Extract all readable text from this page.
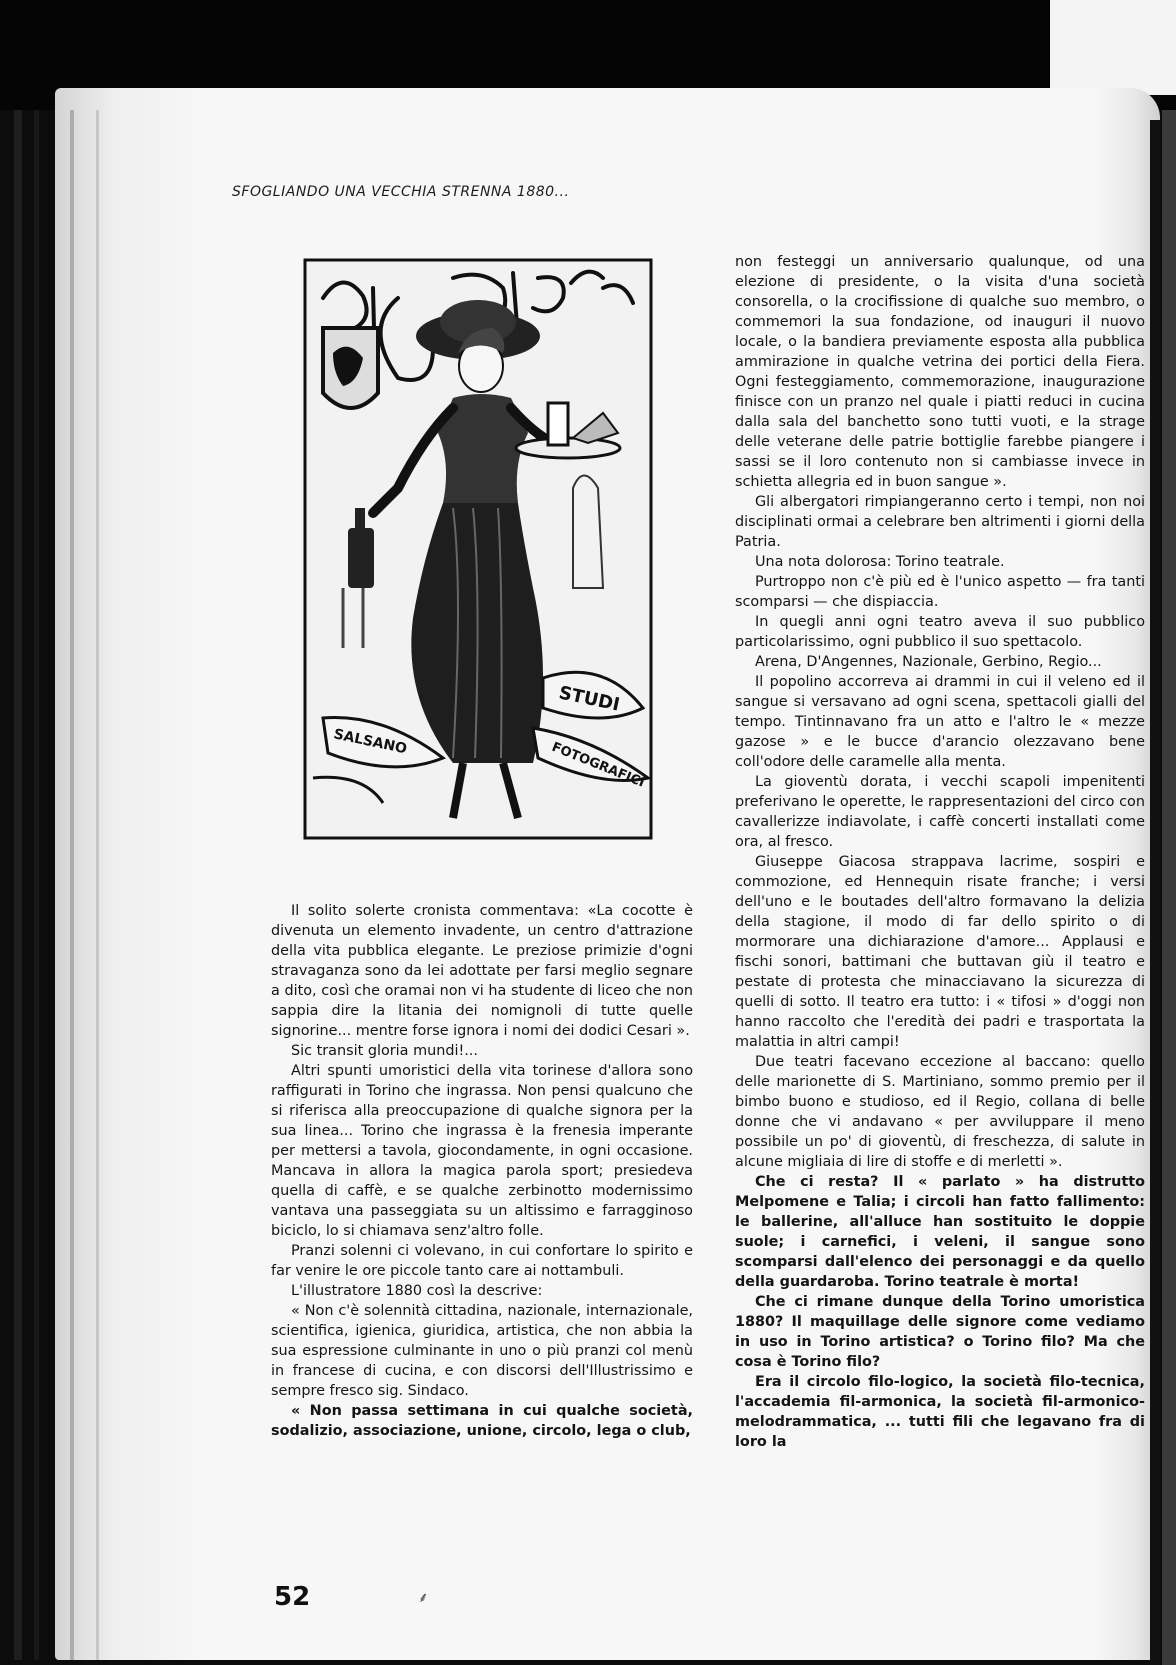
SFOGLIANDO UNA VECCHIA STRENNA 1880...
STUDI
FOTOGRAFICI
SALSANO

Il solito solerte cronista commentava: «La cocotte è divenuta un elemento invadente, un centro d'attrazione della vita pubblica elegante. Le preziose primizie d'ogni stravaganza sono da lei adottate per farsi meglio segnare a dito, così che oramai non vi ha studente di liceo che non sappia dire la litania dei nomignoli di tutte quelle signorine... mentre forse ignora i nomi dei dodici Cesari ».

Sic transit gloria mundi!...

Altri spunti umoristici della vita torinese d'allora sono raffigurati in Torino che ingrassa. Non pensi qualcuno che si riferisca alla preoccupazione di qualche signora per la sua linea... Torino che ingrassa è la frenesia imperante per mettersi a tavola, giocondamente, in ogni occasione. Mancava in allora la magica parola sport; presiedeva quella di caffè, e se qualche zerbinotto modernissimo vantava una passeggiata su un altissimo e farragginoso biciclo, lo si chiamava senz'altro folle.

Pranzi solenni ci volevano, in cui confortare lo spirito e far venire le ore piccole tanto care ai nottambuli.

L'illustratore 1880 così la descrive:

« Non c'è solennità cittadina, nazionale, internazionale, scientifica, igienica, giuridica, artistica, che non abbia la sua espressione culminante in uno o più pranzi col menù in francese di cucina, e con discorsi dell'Illustrissimo e sempre fresco sig. Sindaco.

« Non passa settimana in cui qualche società, sodalizio, associazione, unione, circolo, lega o club,

non festeggi un anniversario qualunque, od una elezione di presidente, o la visita d'una società consorella, o la crocifissione di qualche suo membro, o commemori la sua fondazione, od inauguri il nuovo locale, o la bandiera previamente esposta alla pubblica ammirazione in qualche vetrina dei portici della Fiera. Ogni festeggiamento, commemorazione, inaugurazione finisce con un pranzo nel quale i piatti reduci in cucina dalla sala del banchetto sono tutti vuoti, e la strage delle veterane delle patrie bottiglie farebbe piangere i sassi se il loro contenuto non si cambiasse invece in schietta allegria ed in buon sangue ».

Gli albergatori rimpiangeranno certo i tempi, non noi disciplinati ormai a celebrare ben altrimenti i giorni della Patria.

Una nota dolorosa: Torino teatrale.

Purtroppo non c'è più ed è l'unico aspetto — fra tanti scomparsi — che dispiaccia.

In quegli anni ogni teatro aveva il suo pubblico particolarissimo, ogni pubblico il suo spettacolo.

Arena, D'Angennes, Nazionale, Gerbino, Regio...

Il popolino accorreva ai drammi in cui il veleno ed il sangue si versavano ad ogni scena, spettacoli gialli del tempo. Tintinnavano fra un atto e l'altro le « mezze gazose » e le bucce d'arancio olezzavano bene coll'odore delle caramelle alla menta.

La gioventù dorata, i vecchi scapoli impenitenti preferivano le operette, le rappresentazioni del circo con cavallerizze indiavolate, i caffè concerti installati come ora, al fresco.

Giuseppe Giacosa strappava lacrime, sospiri e commozione, ed Hennequin risate franche; i versi dell'uno e le boutades dell'altro formavano la delizia della stagione, il modo di far dello spirito o di mormorare una dichiarazione d'amore... Applausi e fischi sonori, battimani che buttavan giù il teatro e pestate di protesta che minacciavano la sicurezza di quelli di sotto. Il teatro era tutto: i « tifosi » d'oggi non hanno raccolto che l'eredità dei padri e trasportata la malattia in altri campi!

Due teatri facevano eccezione al baccano: quello delle marionette di S. Martiniano, sommo premio per il bimbo buono e studioso, ed il Regio, collana di belle donne che vi andavano « per avviluppare il meno possibile un po' di gioventù, di freschezza, di salute in alcune migliaia di lire di stoffe e di merletti ».

Che ci resta? Il « parlato » ha distrutto Melpomene e Talia; i circoli han fatto fallimento: le ballerine, all'alluce han sostituito le doppie suole; i carnefici, i veleni, il sangue sono scomparsi dall'elenco dei personaggi e da quello della guardaroba. Torino teatrale è morta!

Che ci rimane dunque della Torino umoristica 1880? Il maquillage delle signore come vediamo in uso in Torino artistica? o Torino filo? Ma che cosa è Torino filo?

Era il circolo filo-logico, la società filo-tecnica, l'accademia fil-armonica, la società fil-armonico-melodrammatica, ... tutti fili che legavano fra di loro la

52	⸙
